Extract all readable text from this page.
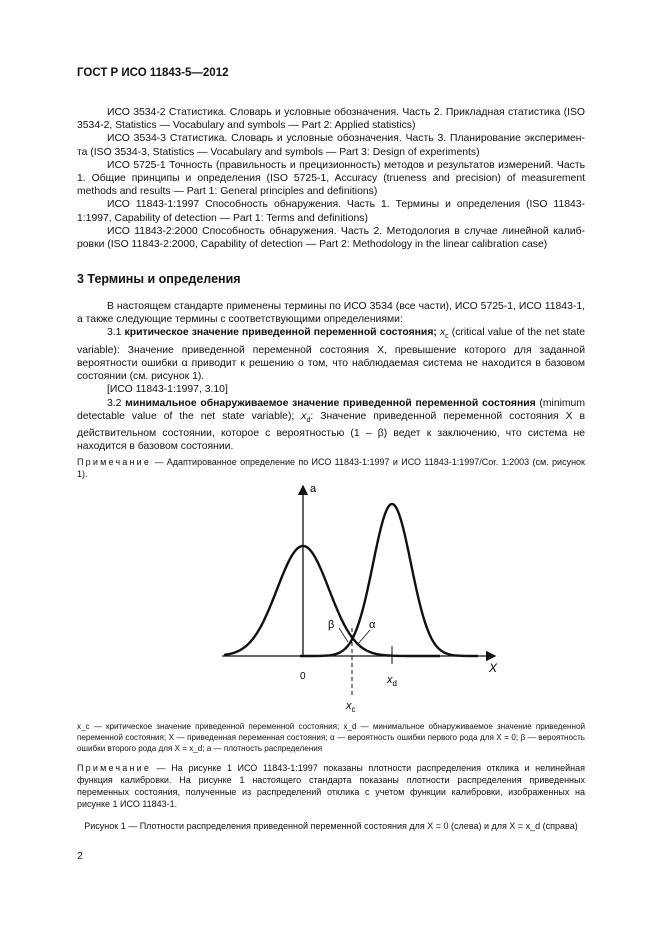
ГОСТ Р ИСО 11843-5—2012

ИСО 3534-2 Статистика. Словарь и условные обозначения. Часть 2. Прикладная статистика (ISO 3534-2, Statistics — Vocabulary and symbols — Part 2: Applied statistics)

ИСО 3534-3 Статистика. Словарь и условные обозначения. Часть 3. Планирование эксперимен- та (ISO 3534-3, Statistics — Vocabulary and symbols — Part 3: Design of experiments)

ИСО 5725-1 Точность (правильность и прецизионность) методов и результатов измерений. Часть 1. Общие принципы и определения (ISO 5725-1, Accuracy (trueness and precision) of measurement methods and results — Part 1: General principles and definitions)

ИСО 11843-1:1997 Способность обнаружения. Часть 1. Термины и определения (ISO 11843-1:1997, Capability of detection — Part 1: Terms and definitions)

ИСО 11843-2:2000 Способность обнаружения. Часть 2. Методология в случае линейной калиб- ровки (ISO 11843-2:2000, Capability of detection — Part 2: Methodology in the linear calibration case)

3 Термины и определения

В настоящем стандарте применены термины по ИСО 3534 (все части), ИСО 5725-1, ИСО 11843-1, а также следующие термины с соответствующими определениями:

3.1 критическое значение приведенной переменной состояния; $x_c$ (critical value of the net state variable): Значение приведенной переменной состояния X, превышение которого для заданной вероятности ошибки α приводит к решению о том, что наблюдаемая система не находится в базовом состоянии (см. рисунок 1).

[ИСО 11843-1:1997, 3.10]

3.2 минимальное обнаруживаемое значение приведенной переменной состояния (minimum detectable value of the net state variable); $x_d$: Значение приведенной переменной состояния X в действительном состоянии, которое с вероятностью (1 – β) ведет к заключению, что система не находится в базовом состоянии.

Примечание — Адаптированное определение по ИСО 11843-1:1997 и ИСО 11843-1:1997/Cor. 1:2003 (см. рисунок 1).
a
X
0	$x_d$
$x_c$
β	α
x_c — критическое значение приведенной переменной состояния; x_d — минимальное обнаруживаемое значение приведенной переменной состояния; X — приведенная переменная состояния; α — вероятность ошибки первого рода для X = 0; β — вероятность ошибки второго рода для X = x_d; a — плотность распределения
Примечание — На рисунке 1 ИСО 11843-1:1997 показаны плотности распределения отклика и нелинейная функция калибровки. На рисунке 1 настоящего стандарта показаны плотности распределения приведенных переменных состояния, полученные из распределений отклика с учетом функции калибровки, изображенных на рисунке 1 ИСО 11843-1.
Рисунок 1 — Плотности распределения приведенной переменной состояния для X = 0 (слева) и для X = x_d (справа)
2
